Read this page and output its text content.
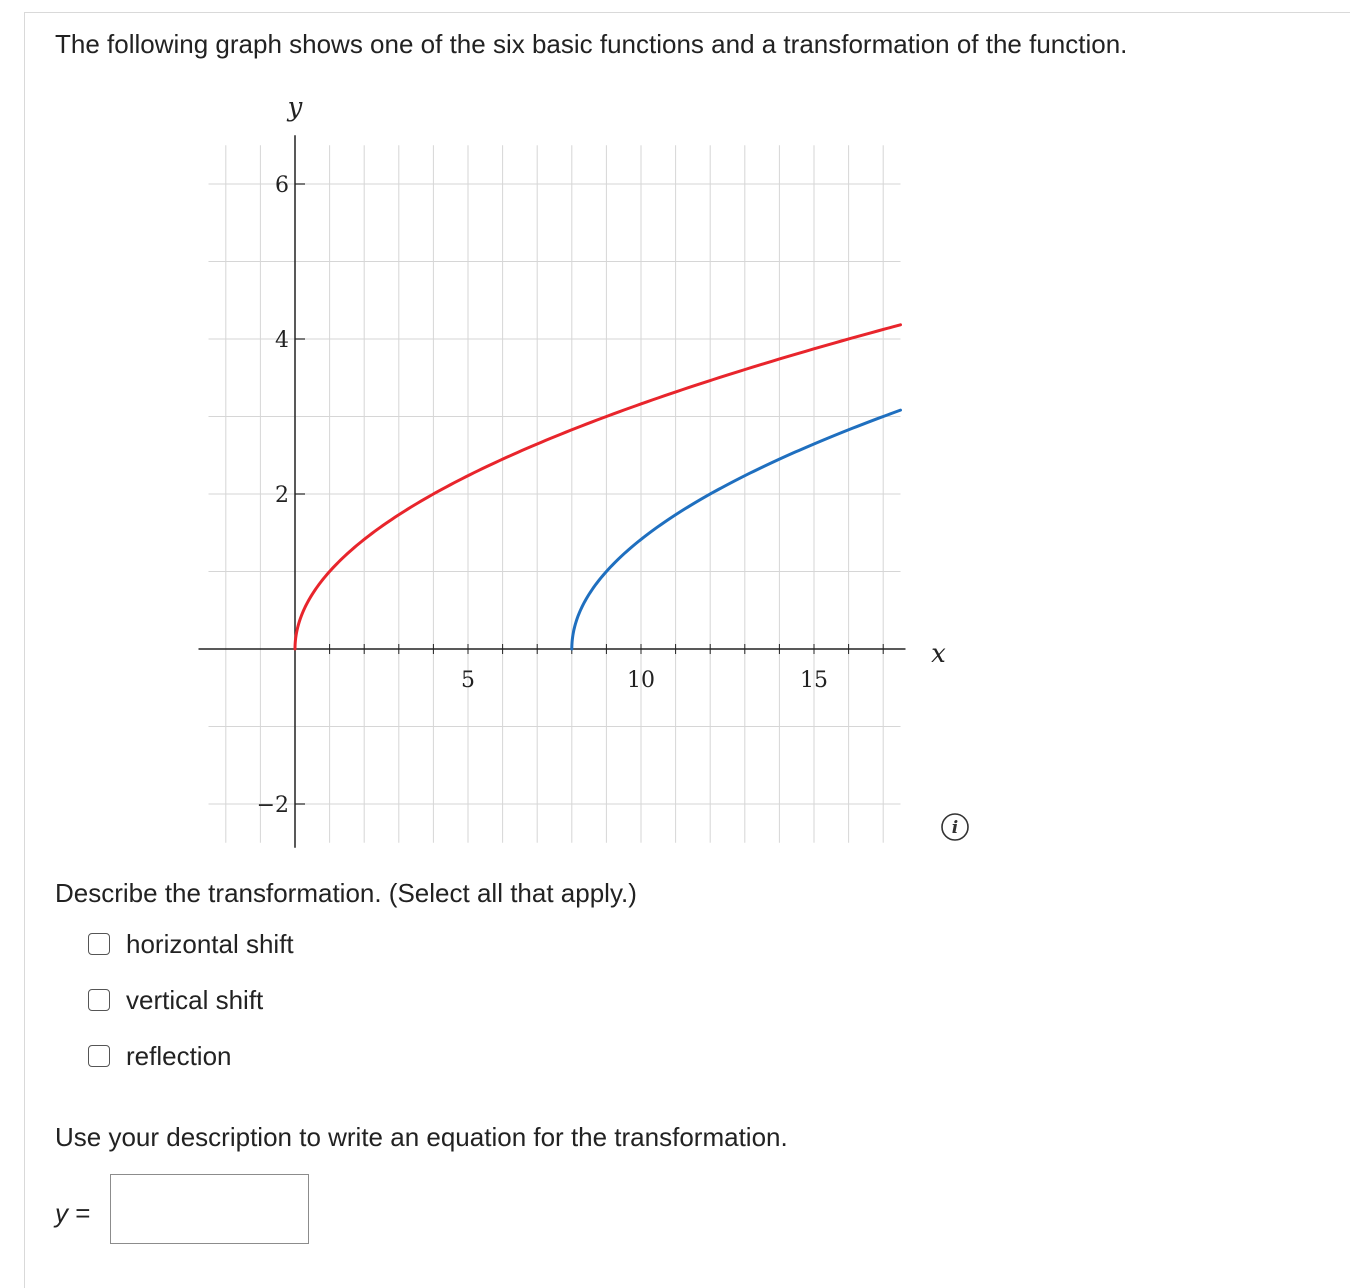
The following graph shows one of the six basic functions and a transformation of the function.
5	10	15
−2
2
4
6
x
y
i
Describe the transformation. (Select all that apply.)
horizontal shift
vertical shift
reflection
Use your description to write an equation for the transformation.
y =
